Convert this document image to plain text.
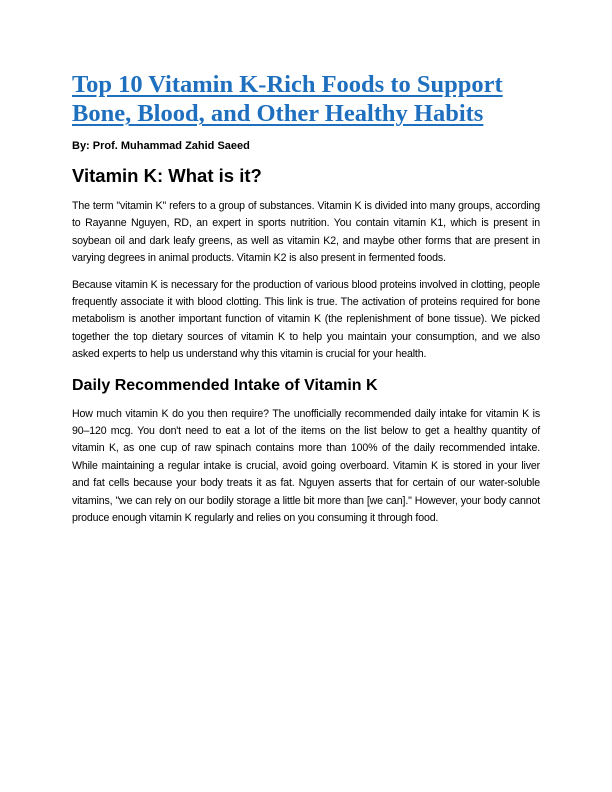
Top 10 Vitamin K-Rich Foods to Support Bone, Blood, and Other Healthy Habits
By: Prof. Muhammad Zahid Saeed
Vitamin K: What is it?

The term "vitamin K" refers to a group of substances. Vitamin K is divided into many groups, according to Rayanne Nguyen, RD, an expert in sports nutrition. You contain vitamin K1, which is present in soybean oil and dark leafy greens, as well as vitamin K2, and maybe other forms that are present in varying degrees in animal products. Vitamin K2 is also present in fermented foods.

Because vitamin K is necessary for the production of various blood proteins involved in clotting, people frequently associate it with blood clotting. This link is true. The activation of proteins required for bone metabolism is another important function of vitamin K (the replenishment of bone tissue). We picked together the top dietary sources of vitamin K to help you maintain your consumption, and we also asked experts to help us understand why this vitamin is crucial for your health.

Daily Recommended Intake of Vitamin K

How much vitamin K do you then require? The unofficially recommended daily intake for vitamin K is 90–120 mcg. You don't need to eat a lot of the items on the list below to get a healthy quantity of vitamin K, as one cup of raw spinach contains more than 100% of the daily recommended intake. While maintaining a regular intake is crucial, avoid going overboard. Vitamin K is stored in your liver and fat cells because your body treats it as fat. Nguyen asserts that for certain of our water-soluble vitamins, "we can rely on our bodily storage a little bit more than [we can]." However, your body cannot produce enough vitamin K regularly and relies on you consuming it through food.
